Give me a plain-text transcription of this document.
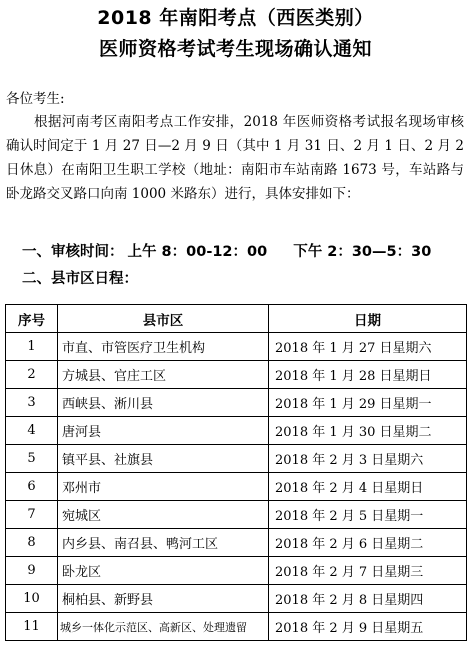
2018 年南阳考点（西医类别）
医师资格考试考生现场确认通知
各位考生:
根据河南考区南阳考点工作安排，2018 年医师资格考试报名现场审核确认时间定于 1 月 27 日—2 月 9 日（其中 1 月 31 日、2 月 1 日、2 月 2 日休息）在南阳卫生职工学校（地址：南阳市车站南路 1673 号，车站路与卧龙路交叉路口向南 1000 米路东）进行，具体安排如下：
一、审核时间： 上午 8：00-12：00 下午 2：30—5：30
二、县市区日程：
序号	县市区	日期
1	市直、市管医疗卫生机构	2018 年 1 月 27 日星期六
2	方城县、官庄工区	2018 年 1 月 28 日星期日
3	西峡县、淅川县	2018 年 1 月 29 日星期一
4	唐河县	2018 年 1 月 30 日星期二
5	镇平县、社旗县	2018 年 2 月 3 日星期六
6	邓州市	2018 年 2 月 4 日星期日
7	宛城区	2018 年 2 月 5 日星期一
8	内乡县、南召县、鸭河工区	2018 年 2 月 6 日星期二
9	卧龙区	2018 年 2 月 7 日星期三
10	桐柏县、新野县	2018 年 2 月 8 日星期四
11	城乡一体化示范区、高新区、处理遗留	2018 年 2 月 9 日星期五
